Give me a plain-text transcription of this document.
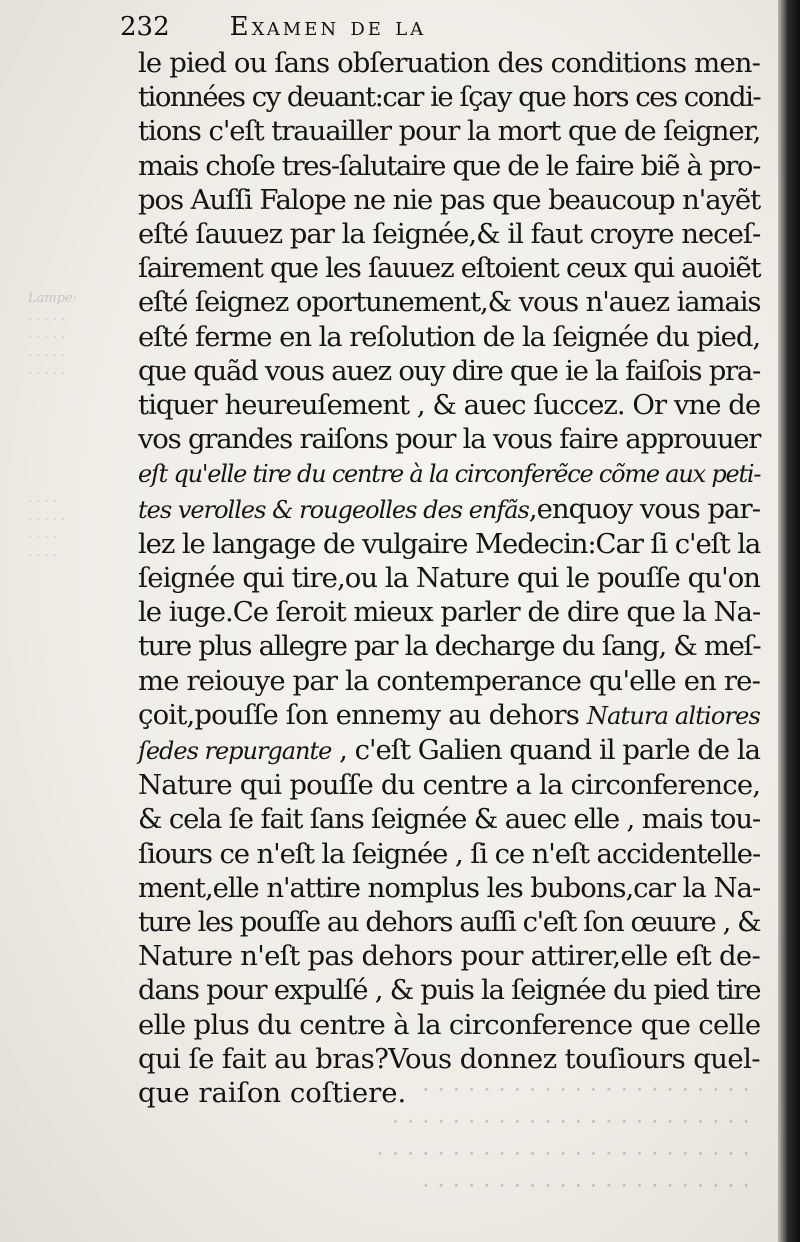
Lampe·
. . . . .
. . . . .
. . . . .
. . . . .
. . . .
. . . . .
. . . .
. . . .
. . . . . . . . . . . . . . . . . . . . . .
. . . . . . . . . . . . . . . . . . . . . . . . .
. . . . . . . . . . . . . . . . . . . . . . . .
. . . . . . . . . . . . . . . . . . . . . .
232 Examen de la
le pied ou ſans obſeruation des conditions men-
tionnées cy deuant:car ie ſçay que hors ces condi-
tions c'eſt trauailler pour la mort que de ſeigner,
mais choſe tres-ſalutaire que de le faire biẽ à pro-
pos Auſſi Falope ne nie pas que beaucoup n'ayẽt
eſté ſauuez par la ſeignée,& il faut croyre neceſ-
ſairement que les ſauuez eſtoient ceux qui auoiẽt
eſté ſeignez oportunement,& vous n'auez iamais
eſté ferme en la reſolution de la ſeignée du pied,
que quãd vous auez ouy dire que ie la faiſois pra-
tiquer heureuſement , & auec ſuccez. Or vne de
vos grandes raiſons pour la vous faire approuuer
eſt qu'elle tire du centre à la circonferẽce cõme aux peti-
tes verolles & rougeolles des enfãs,enquoy vous par-
lez le langage de vulgaire Medecin:Car ſi c'eſt la
ſeignée qui tire,ou la Nature qui le pouſſe qu'on
le iuge.Ce ſeroit mieux parler de dire que la Na-
ture plus allegre par la decharge du ſang, & meſ-
me reiouye par la contemperance qu'elle en re-
çoit,pouſſe ſon ennemy au dehors Natura altiores
ſedes repurgante , c'eſt Galien quand il parle de la
Nature qui pouſſe du centre a la circonference,
& cela ſe fait ſans ſeignée & auec elle , mais tou-
ſiours ce n'eſt la ſeignée , ſi ce n'eſt accidentelle-
ment,elle n'attire nomplus les bubons,car la Na-
ture les pouſſe au dehors auſſi c'eſt ſon œuure , &
Nature n'eſt pas dehors pour attirer,elle eſt de-
dans pour expulſé , & puis la ſeignée du pied tire
elle plus du centre à la circonference que celle
qui ſe fait au bras?Vous donnez touſiours quel-
que raiſon coſtiere.
